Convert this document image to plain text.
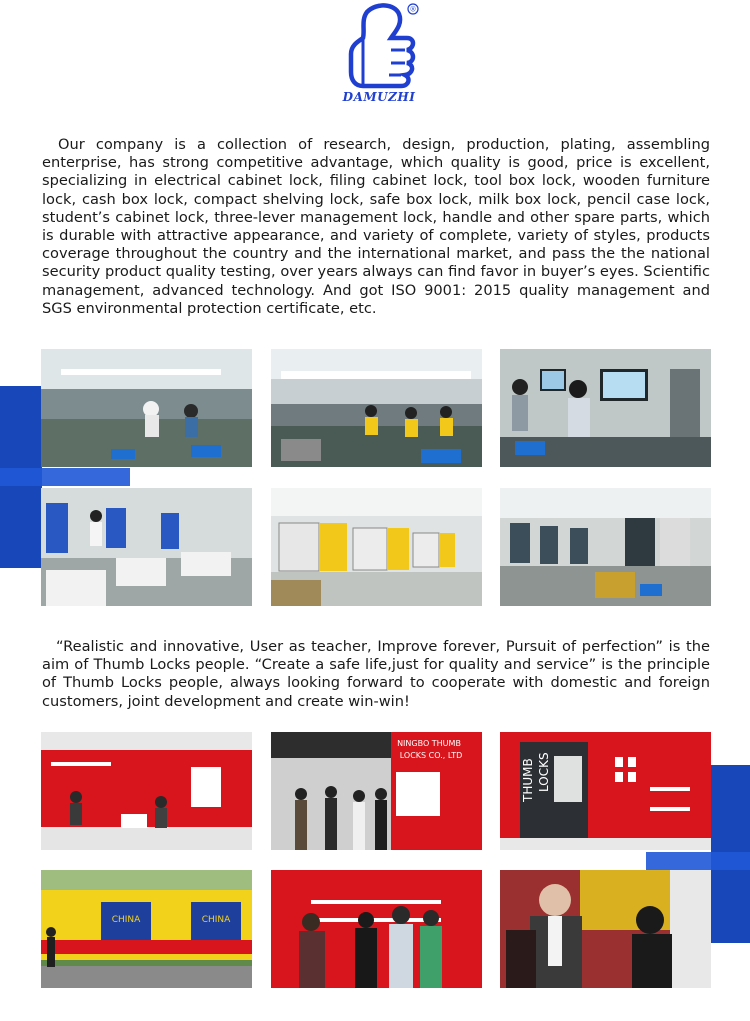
®
DAMUZHI

Our company is a collection of research, design, production, plating, assembling enterprise, has strong competitive advantage, which quality is good, price is excellent, specializing in electrical cabinet lock, filing cabinet lock, tool box lock, wooden furniture lock, cash box lock, compact shelving lock, safe box lock, milk box lock, pencil case lock, student’s cabinet lock, three-lever management lock, handle and other spare parts, which is durable with attractive appearance, and variety of complete, variety of styles, products coverage throughout the country and the international market, and pass the the national security product quality testing, over years always can find favor in buyer’s eyes. Scientific management, advanced technology. And got ISO 9001: 2015 quality management and SGS environmental protection certificate, etc.

“Realistic and innovative, User as teacher, Improve forever, Pursuit of perfection” is the aim of Thumb Locks people. “Create a safe life,just for quality and service” is the principle of Thumb Locks people, always looking forward to cooperate with domestic and foreign customers, joint development and create win-win!

NINGBO THUMB
LOCKS CO., LTD
THUMB LOCKS
CHINA	CHINA
